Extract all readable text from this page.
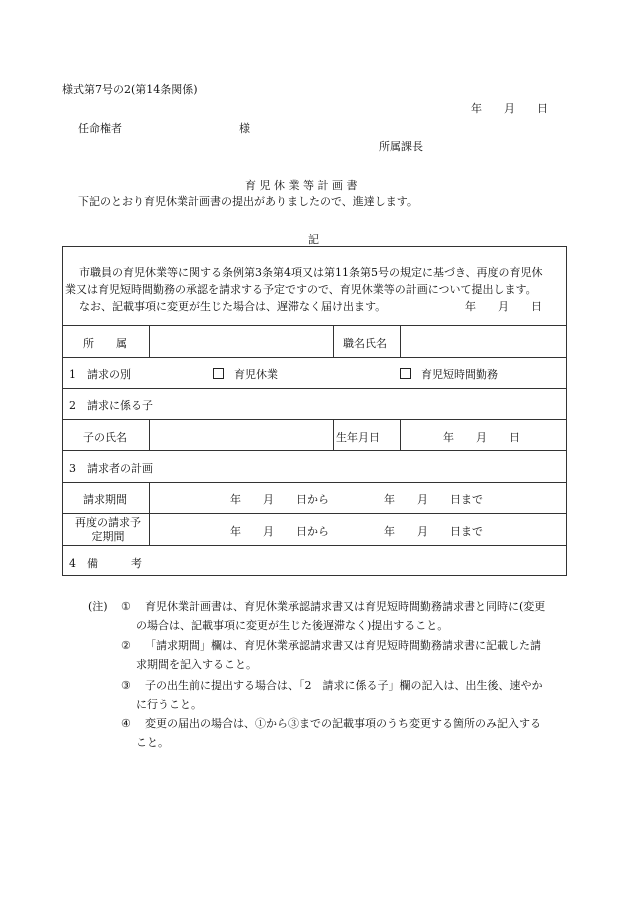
様式第7号の2(第14条関係)
年　　月　　日
任命権者	様
所属課長
育 児 休 業 等 計 画 書
下記のとおり育児休業計画書の提出がありましたので、進達します。
記
市職員の育児休業等に関する条例第3条第4項又は第11条第5号の規定に基づき、再度の育児休
業又は育児短時間勤務の承認を請求する予定ですので、育児休業等の計画について提出します。
なお、記載事項に変更が生じた場合は、遅滞なく届け出ます。	年　　月　　日
所　　属	職名氏名
1　請求の別	育児休業	育児短時間勤務
2　請求に係る子
子の氏名	生年月日	年　　月　　日
3　請求者の計画
請求期間	年　　月　　日から	年　　月　　日まで
再度の請求予
定期間	年　　月　　日から	年　　月　　日まで
4　備　　　考
(注) ① 育児休業計画書は、育児休業承認請求書又は育児短時間勤務請求書と同時に(変更
の場合は、記載事項に変更が生じた後遅滞なく)提出すること。
② 「請求期間」欄は、育児休業承認請求書又は育児短時間勤務請求書に記載した請
求期間を記入すること。
③ 子の出生前に提出する場合は、「2　請求に係る子」欄の記入は、出生後、速やか
に行うこと。
④ 変更の届出の場合は、①から③までの記載事項のうち変更する箇所のみ記入する
こと。
